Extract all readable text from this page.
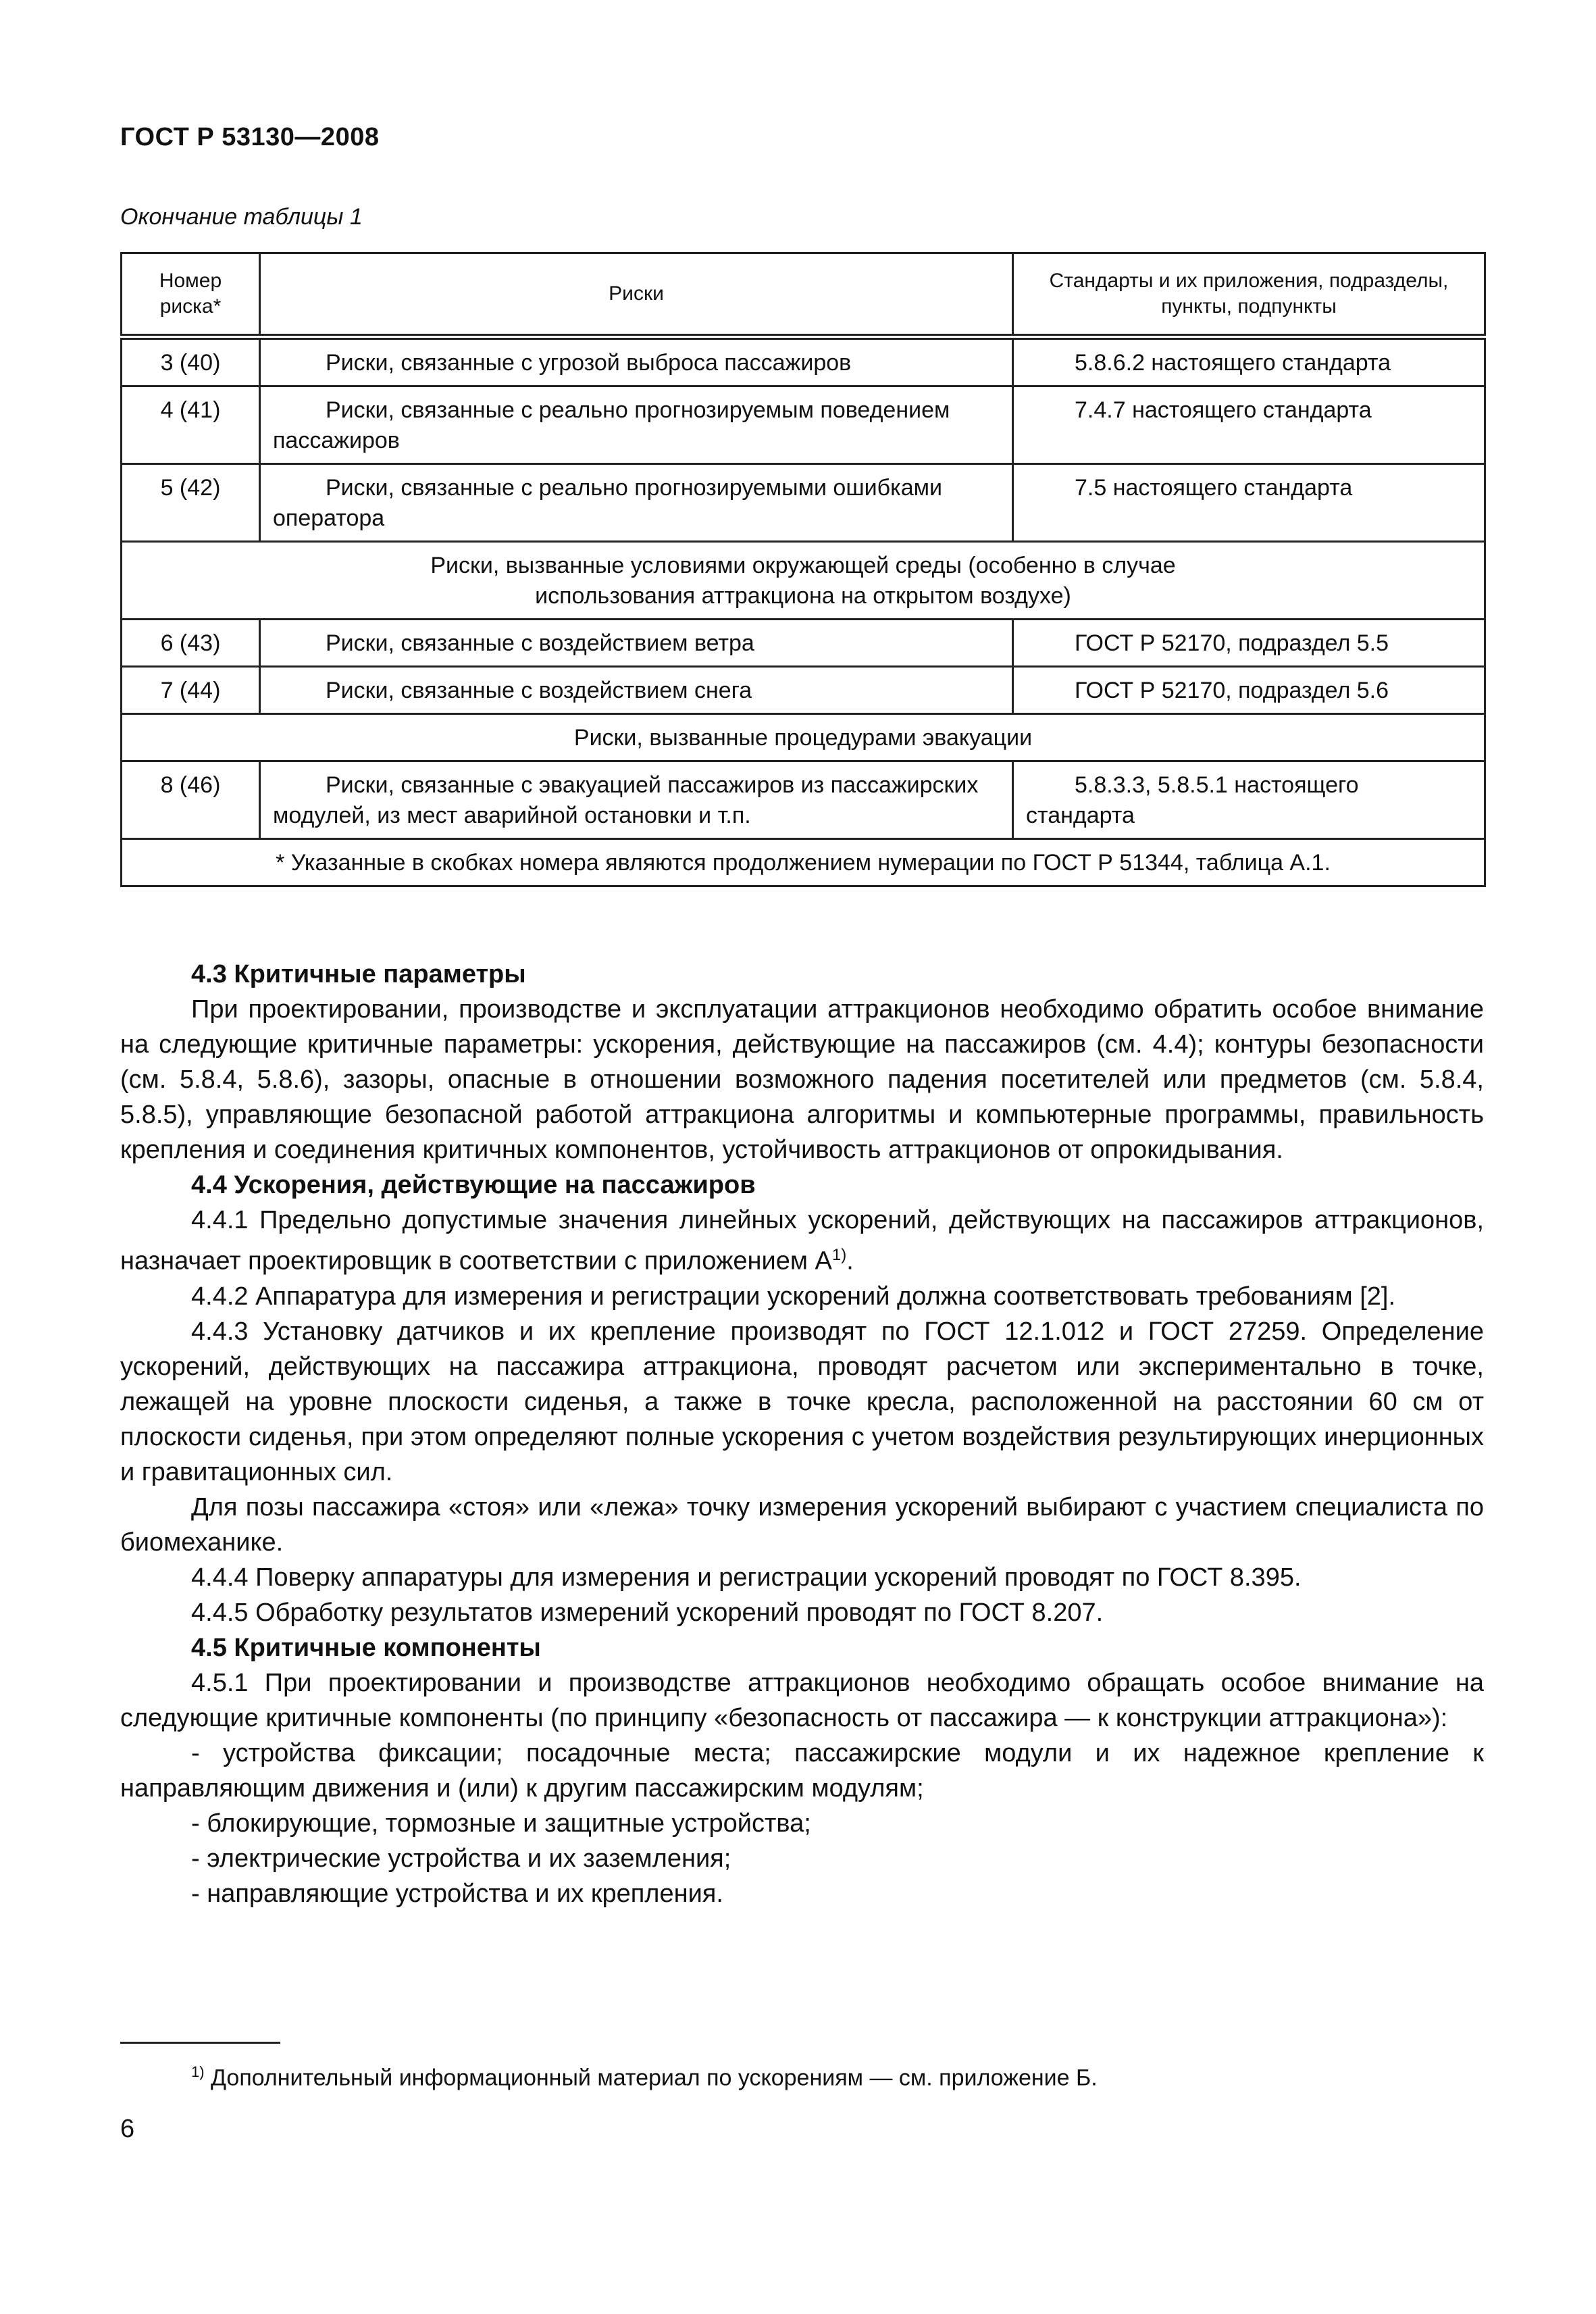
ГОСТ Р 53130—2008
Окончание таблицы 1
Номер риска*	Риски	Стандарты и их приложения, подразделы, пункты, подпункты
3 (40)	Риски, связанные с угрозой выброса пассажиров	5.8.6.2 настоящего стандарта
4 (41)	Риски, связанные с реально прогнозируемым поведением пассажиров	7.4.7 настоящего стандарта
5 (42)	Риски, связанные с реально прогнозируемыми ошибками оператора	7.5 настоящего стандарта
Риски, вызванные условиями окружающей среды (особенно в случае использования аттракциона на открытом воздухе)		
6 (43)	Риски, связанные с воздействием ветра	ГОСТ Р 52170, подраздел 5.5
7 (44)	Риски, связанные с воздействием снега	ГОСТ Р 52170, подраздел 5.6
Риски, вызванные процедурами эвакуации		
8 (46)	Риски, связанные с эвакуацией пассажиров из пассажирских модулей, из мест аварийной остановки и т.п.	5.8.3.3, 5.8.5.1 настоящего стандарта
* Указанные в скобках номера являются продолжением нумерации по ГОСТ Р 51344, таблица А.1.		

4.3 Критичные параметры

При проектировании, производстве и эксплуатации аттракционов необходимо обратить особое внимание на следующие критичные параметры: ускорения, действующие на пассажиров (см. 4.4); контуры безопасности (см. 5.8.4, 5.8.6), зазоры, опасные в отношении возможного падения посетителей или предметов (см. 5.8.4, 5.8.5), управляющие безопасной работой аттракциона алгоритмы и компьютерные программы, правильность крепления и соединения критичных компонентов, устойчивость аттракционов от опрокидывания.

4.4 Ускорения, действующие на пассажиров

4.4.1 Предельно допустимые значения линейных ускорений, действующих на пассажиров аттракционов, назначает проектировщик в соответствии с приложением $А^{1)}$.

4.4.2 Аппаратура для измерения и регистрации ускорений должна соответствовать требованиям [2].

4.4.3 Установку датчиков и их крепление производят по ГОСТ 12.1.012 и ГОСТ 27259. Определение ускорений, действующих на пассажира аттракциона, проводят расчетом или экспериментально в точке, лежащей на уровне плоскости сиденья, а также в точке кресла, расположенной на расстоянии 60 см от плоскости сиденья, при этом определяют полные ускорения с учетом воздействия результирующих инерционных и гравитационных сил.

Для позы пассажира «стоя» или «лежа» точку измерения ускорений выбирают с участием специалиста по биомеханике.

4.4.4 Поверку аппаратуры для измерения и регистрации ускорений проводят по ГОСТ 8.395.

4.4.5 Обработку результатов измерений ускорений проводят по ГОСТ 8.207.

4.5 Критичные компоненты

4.5.1 При проектировании и производстве аттракционов необходимо обращать особое внимание на следующие критичные компоненты (по принципу «безопасность от пассажира — к конструкции аттракциона»):

- устройства фиксации; посадочные места; пассажирские модули и их надежное крепление к направляющим движения и (или) к другим пассажирским модулям;

- блокирующие, тормозные и защитные устройства;

- электрические устройства и их заземления;

- направляющие устройства и их крепления.

$^{1)}$ Дополнительный информационный материал по ускорениям — см. приложение Б.
6
